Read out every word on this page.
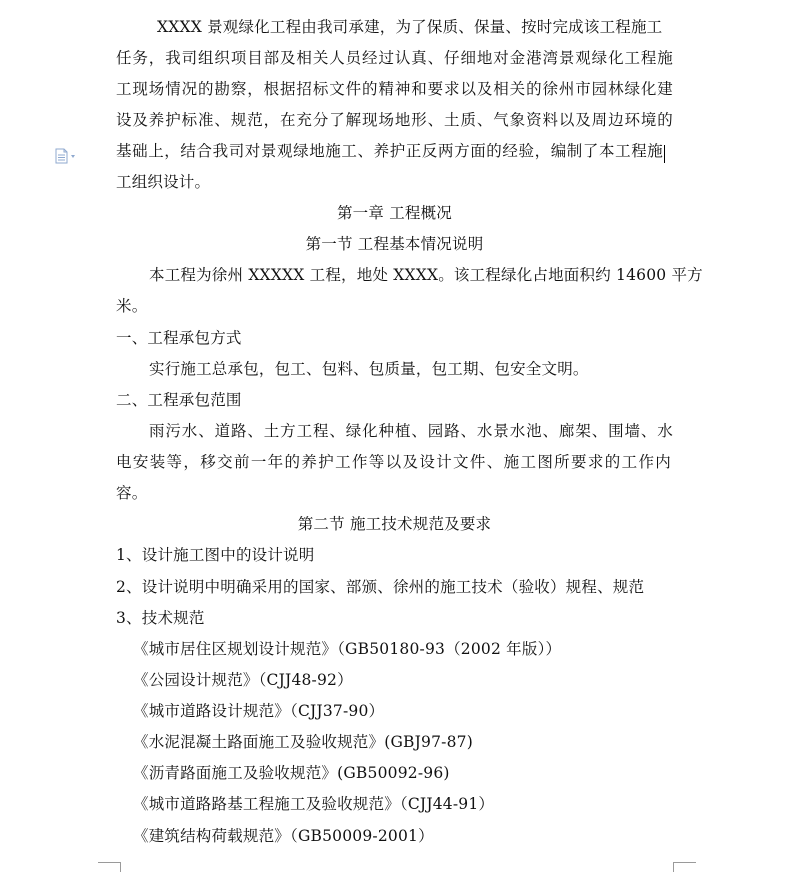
XXXX 景观绿化工程由我司承建，为了保质、保量、按时完成该工程施工
任务，我司组织项目部及相关人员经过认真、仔细地对金港湾景观绿化工程施
工现场情况的勘察，根据招标文件的精神和要求以及相关的徐州市园林绿化建
设及养护标准、规范，在充分了解现场地形、土质、气象资料以及周边环境的
基础上，结合我司对景观绿地施工、养护正反两方面的经验，编制了本工程施
工组织设计。
第一章 工程概况
第一节 工程基本情况说明
本工程为徐州 XXXXX 工程，地处 XXXX。该工程绿化占地面积约 14600 平方
米。
一、工程承包方式
实行施工总承包，包工、包料、包质量，包工期、包安全文明。
二、工程承包范围
雨污水、道路、土方工程、绿化种植、园路、水景水池、廊架、围墙、水
电安装等，移交前一年的养护工作等以及设计文件、施工图所要求的工作内
容。
第二节 施工技术规范及要求
1、设计施工图中的设计说明
2、设计说明中明确采用的国家、部颁、徐州的施工技术（验收）规程、规范
3、技术规范
《城市居住区规划设计规范》（GB50180-93（2002 年版））
《公园设计规范》（CJJ48-92）
《城市道路设计规范》（CJJ37-90）
《水泥混凝土路面施工及验收规范》(GBJ97-87)
《沥青路面施工及验收规范》(GB50092-96)
《城市道路路基工程施工及验收规范》（CJJ44-91）
《建筑结构荷载规范》（GB50009-2001）
